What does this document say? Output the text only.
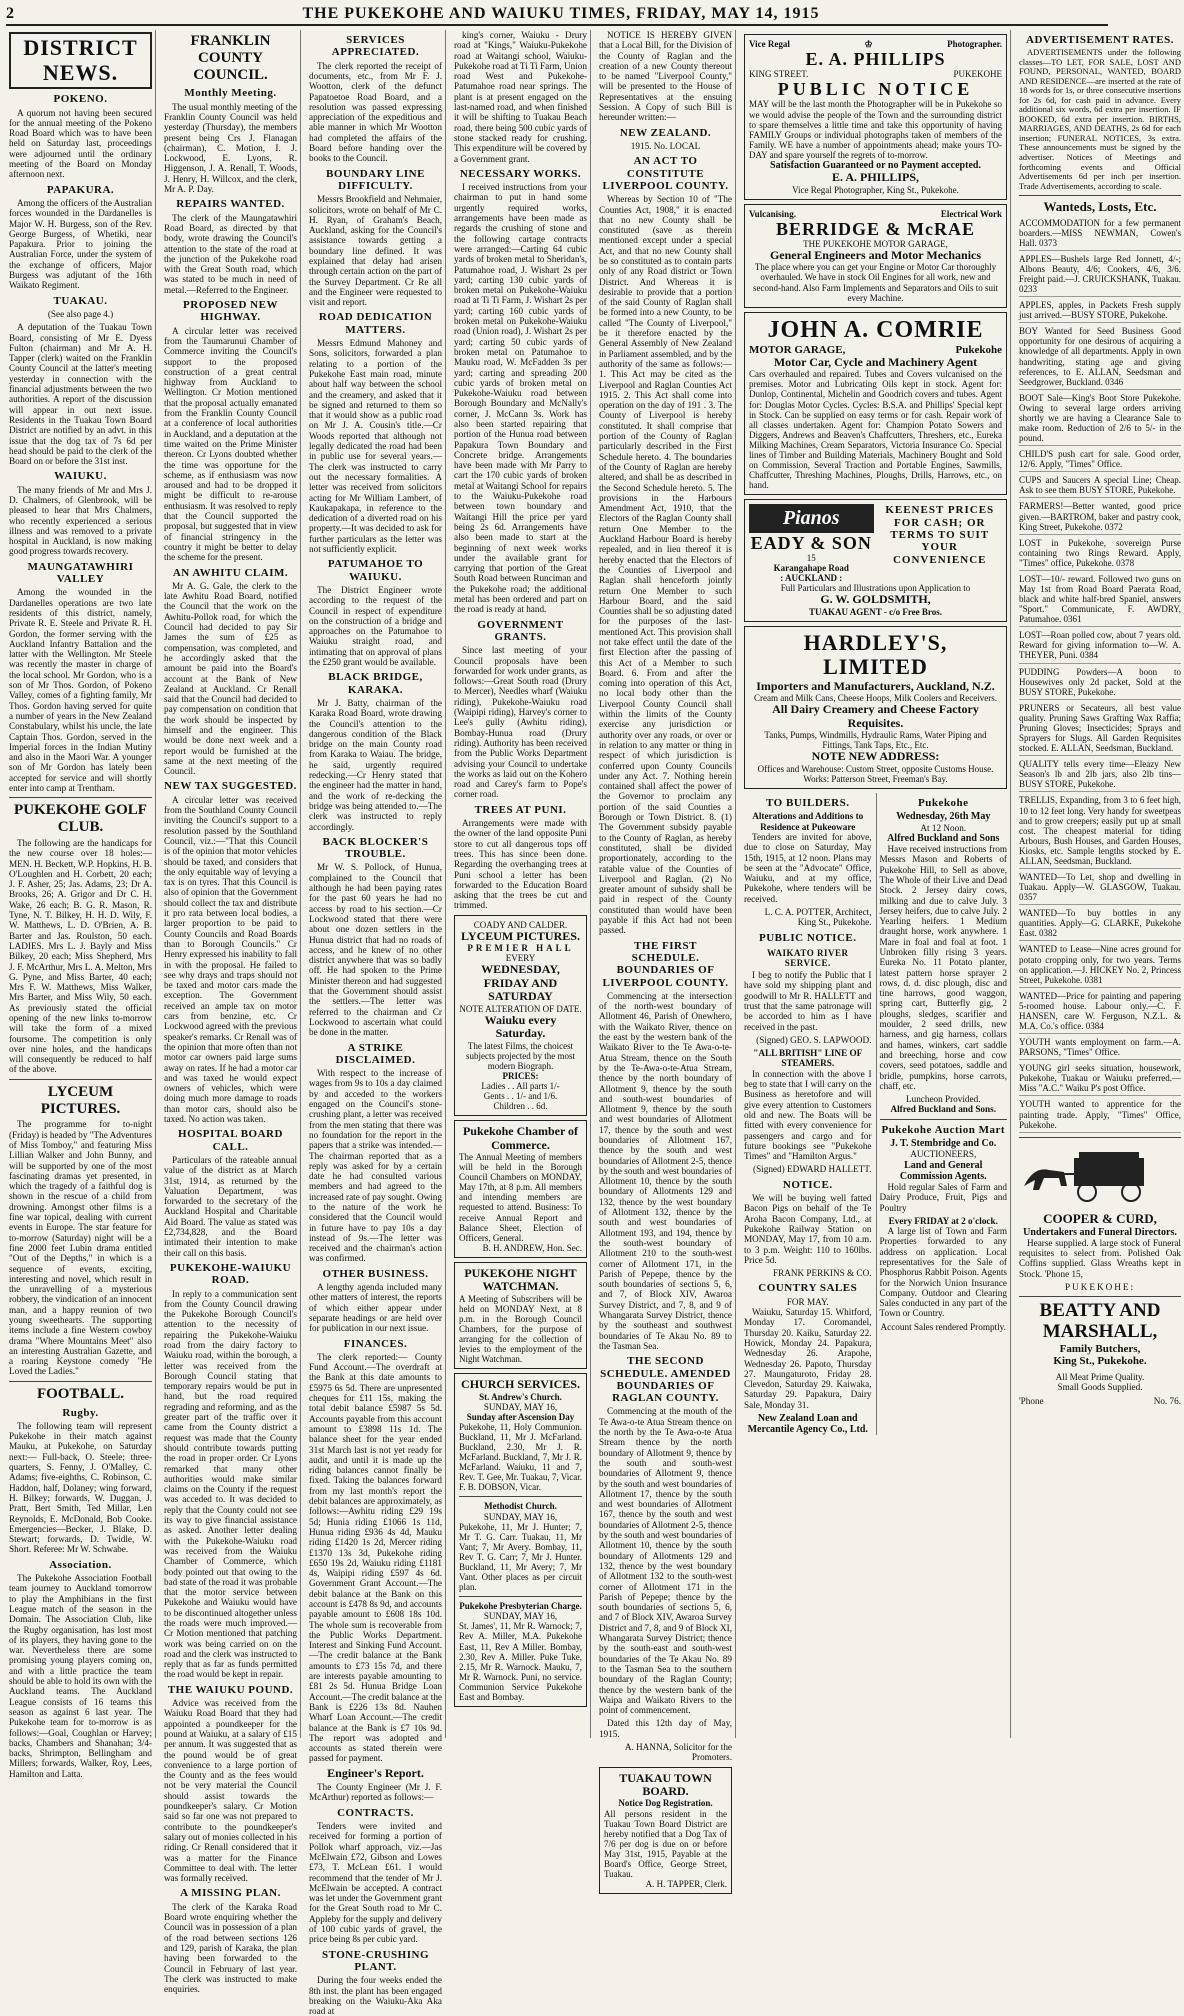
2	THE PUKEKOHE AND WAIUKU TIMES, FRIDAY, MAY 14, 1915
DISTRICT NEWS.
POKENO.

A quorum not having been secured for the annual meeting of the Pokeno Road Board which was to have been held on Saturday last, proceedings were adjourned until the ordinary meeting of the Board on Monday afternoon next.

PAPAKURA.

Among the officers of the Australian forces wounded in the Dardanelles is Major W. H. Burgess, son of the Rev. George Burgess, of Whetiki, near Papakura. Prior to joining the Australian Force, under the system of the exchange of officers, Major Burgess was adjutant of the 16th Waikato Regiment.

TUAKAU.

(See also page 4.)

A deputation of the Tuakau Town Board, consisting of Mr E. Dyess Fulton (chairman) and Mr A. H. Tapper (clerk) waited on the Franklin County Council at the latter's meeting yesterday in connection with the financial adjustments between the two authorities. A report of the discussion will appear in out next issue. Residents in the Tuakau Town Board District are notified by an advt. in this issue that the dog tax of 7s 6d per head should be paid to the clerk of the Board on or before the 31st inst.

WAIUKU.

The many friends of Mr and Mrs J. D. Chalmers, of Glenbrook, will be pleased to hear that Mrs Chalmers, who recently experienced a serious illness and was removed to a private hospital in Auckland, is now making good progress towards recovery.

MAUNGATAWHIRI VALLEY

Among the wounded in the Dardanelles operations are two late residents of this district, namely, Private R. E. Steele and Private R. H. Gordon, the former serving with the Auckland Infantry Battalion and the latter with the Wellington. Mr Steele was recently the master in charge of the local school. Mr Gordon, who is a son of Mr Thos. Gordon, of Pokeno Valley, comes of a fighting family, Mr Thos. Gordon having served for quite a number of years in the New Zealand Constabulary, whilst his uncle, the late Captain Thos. Gordon, served in the Imperial forces in the Indian Mutiny and also in the Maori War. A younger son of Mr Gordon has lately been accepted for service and will shortly enter into camp at Trentham.

PUKEKOHE GOLF CLUB.

The following are the handicaps for the new course over 18 holes:— MEN. H. Beckett, W.P. Hopkins, H. B. O'Loughlen and H. Corbett, 20 each; J. F. Asher, 25; Jas. Adams, 23; Dr A. Brooks, 26; A. Grigor and Dr C. H. Wake, 26 each; B. G. R. Mason, R. Tyne, N. T. Bilkey, H. H. D. Wily, F. W. Matthews, L. D. O'Brien, A. B. Barter and Jas. Roulston, 50 each. LADIES. Mrs L. J. Bayly and Miss Bilkey, 20 each; Miss Shepherd, Mrs J. F. McArthur, Mrs L. A. Melton, Mrs G. Pyne, and Miss Barter, 40 each; Mrs F. W. Matthews, Miss Walker, Mrs Barter, and Miss Wily, 50 each. As previously stated the official opening of the new links to-morrow will take the form of a mixed foursome. The competition is only over nine holes, and the handicaps will consequently be reduced to half of the above.

LYCEUM PICTURES.

The programme for to-night (Friday) is headed by "The Adventures of Miss Tomboy," and featuring Miss Lillian Walker and John Bunny, and will be supported by one of the most fascinating dramas yet presented, in which the tragedy of a faithful dog is shown in the rescue of a child from drowning. Amongst other films is a fine war topical, dealing with current events in Europe. The star feature for to-morrow (Saturday) night will be a fine 2000 feet Lubin drama entitled "Out of the Depths," in which is a sequence of events, exciting, interesting and novel, which result in the unravelling of a mysterious robbery, the vindication of an innocent man, and a happy reunion of two young sweethearts. The supporting items include a fine Western cowboy drama "Where Mountains Meet" also an interesting Australian Gazette, and a roaring Keystone comedy "He Loved the Ladies."

FOOTBALL.
Rugby.

The following team will represent Pukekohe in their match against Mauku, at Pukekohe, on Saturday next:— Full-back, O. Steele; three-quarters, S. Fenny, J. O'Malley, C. Adams; five-eighths, C. Robinson, C. Haddon, half, Dolaney; wing forward, H. Bilkey; forwards, W. Duggan, J. Pratt, Bert Smith, Ted Millar, Len Reynolds, E. McDonald, Bob Cooke. Emergencies—Becker, J. Blake, D. Stewart; forwards, D. Twidle, W. Short. Referee: Mr W. Schwabe.

Association.

The Pukekohe Association Football team journey to Auckland tomorrow to play the Amphibians in the first League match of the season in the Domain. The Association Club, like the Rugby organisation, has lost most of its players, they having gone to the war. Nevertheless there are some promising young players coming on, and with a little practice the team should be able to hold its own with the Auckland teams. The Auckland League consists of 16 teams this season as against 6 last year. The Pukekohe team for to-morrow is as follows:—Goal, Coughlan or Harvey; backs, Chambers and Shanahan; 3/4-backs, Shrimpton, Bellingham and Millers; forwards, Walker, Roy, Lees, Hamilton and Latta.

FRANKLIN COUNTY COUNCIL.
Monthly Meeting.

The usual monthly meeting of the Franklin County Council was held yesterday (Thursday), the members present being Crs J. Flanagan (chairman), C. Motion, I. J. Lockwood, E. Lyons, R. Higgenson, J. A. Renall, T. Woods, J. Henry, H. Willcox, and the clerk, Mr A. P. Day.

REPAIRS WANTED.

The clerk of the Maungatawhiri Road Board, as directed by that body, wrote drawing the Council's attention to the state of the road at the junction of the Pukekohe road with the Great South road, which was stated to be much in need of metal.—Referred to the Engineer.

PROPOSED NEW HIGHWAY.

A circular letter was received from the Taumarunui Chamber of Commerce inviting the Council's support to the proposed construction of a great central highway from Auckland to Wellington. Cr Motion mentioned that the proposal actually emanated from the Franklin County Council at a conference of local authorities in Auckland, and a deputation at the time waited on the Prime Minister thereon. Cr Lyons doubted whether the time was opportune for the scheme, as if enthusiasm was now aroused and had to be dropped it might be difficult to re-arouse enthusiasm. It was resolved to reply that the Council supported the proposal, but suggested that in view of financial stringency in the country it might be better to delay the scheme for the present.

AN AWHITU CLAIM.

Mr A. G. Gale, the clerk to the late Awhitu Road Board, notified the Council that the work on the Awhitu-Pollok road, for which the Council had decided to pay Sir James the sum of £25 as compensation, was completed, and he accordingly asked that the amount be paid into the Board's account at the Bank of New Zealand at Auckland. Cr Renall said that the Council had decided to pay compensation on condition that the work should be inspected by himself and the engineer. This would be done next week and a report would be furnished at the same at the next meeting of the Council.

NEW TAX SUGGESTED.

A circular letter was received from the Southland County Council inviting the Council's support to a resolution passed by the Southland Council, viz.:—"That this Council is of the opinion that motor vehicles should be taxed, and considers that the only equitable way of levying a tax is on tyres. That this Council is also of opinion that the Government should collect the tax and distribute it pro rata between local bodies, a larger proportion to be paid to County Councils and Road Boards than to Borough Councils." Cr Henry expressed his inability to fall in with the proposal. He failed to see why drays and traps should not be taxed and motor cars made the exception. The Government received an ample tax on motor cars from benzine, etc. Cr Lockwood agreed with the previous speaker's remarks. Cr Renall was of the opinion that more often than not motor car owners paid large sums away on rates. If he had a motor car and was taxed he would expect owners of vehicles, which were doing much more damage to roads than motor cars, should also be taxed. No action was taken.

HOSPITAL BOARD CALL.

Particulars of the rateable annual value of the district as at March 31st, 1914, as returned by the Valuation Department, was forwarded to the secretary of the Auckland Hospital and Charitable Aid Board. The value as stated was £2,734,828, and the Board intimated their intention to make their call on this basis.

PUKEKOHE-WAIUKU ROAD.

In reply to a communication sent from the County Council drawing the Pukekohe Borough Council's attention to the necessity of repairing the Pukekohe-Waiuku road from the dairy factory to Waiuku road, within the borough, a letter was received from the Borough Council stating that temporary repairs would be put in hand, but the road required regrading and reforming, and as the greater part of the traffic over it came from the County district a request was made that the County should contribute towards putting the road in proper order. Cr Lyons remarked that many other authorities would make similar claims on the County if the request was acceded to. It was decided to reply that the County could not see its way to give financial assistance as asked. Another letter dealing with the Pukekohe-Waiuku road was received from the Waiuku Chamber of Commerce, which body pointed out that owing to the bad state of the road it was probable that the motor service between Pukekohe and Waiuku would have to be discontinued altogether unless the roads were much improved.—Cr Motion mentioned that patching work was being carried on on the road and the clerk was instructed to reply that as far as funds permitted the road would be kept in repair.

THE WAIUKU POUND.

Advice was received from the Waiuku Road Board that they had appointed a poundkeeper for the pound at Waiuku, at a salary of £15 per annum. It was suggested that as the pound would be of great convenience to a large portion of the County and as the fees would not be very material the Council should assist towards the poundkeeper's salary. Cr Motion said so far one was not prepared to contribute to the poundkeeper's salary out of monies collected in his riding. Cr Renall considered that it was a matter for the Finance Committee to deal with. The letter was formally received.

A MISSING PLAN.

The clerk of the Karaka Road Board wrote enquiring whether the Council was in possession of a plan of the road between sections 126 and 129, parish of Karaka, the plan having been forwarded to the Council in February of last year. The clerk was instructed to make enquiries.

SERVICES APPRECIATED.

The clerk reported the receipt of documents, etc., from Mr F. J. Wootton, clerk of the defunct Papatoetoe Road Board, and a resolution was passed expressing appreciation of the expeditious and able manner in which Mr Wootton had completed the affairs of the Board before handing over the books to the Council.

BOUNDARY LINE DIFFICULTY.

Messrs Brookfield and Nehmaier, solicitors, wrote on behalf of Mr C. H. Ryan, of Graham's Beach, Auckland, asking for the Council's assistance towards getting a boundary line defined. It was explained that delay had arisen through certain action on the part of the Survey Department. Cr Re all and the Engineer were requested to visit and report.

ROAD DEDICATION MATTERS.

Messrs Edmund Mahoney and Sons, solicitors, forwarded a plan relating to a portion of the Pukekohe East main road, minute about half way between the school and the creamery, and asked that it be signed and returned to them so that it would show as a public road on Mr J. A. Cousin's title.—Cr Woods reported that although not legally dedicated the road had been in public use for several years.—The clerk was instructed to carry out the necessary formalities. A letter was received from solicitors acting for Mr William Lambert, of Kaukapakapa, in reference to the dedication of a diverted road on his property.—It was decided to ask for further particulars as the letter was not sufficiently explicit.

PATUMAHOE TO WAIUKU.

The District Engineer wrote according to the request of the Council in respect of expenditure on the construction of a bridge and approaches on the Patumahoe to Waiuku straight road, and intimating that on approval of plans the £250 grant would be available.

BLACK BRIDGE, KARAKA.

Mr J. Batty, chairman of the Karaka Road Board, wrote drawing the Council's attention to the dangerous condition of the Black bridge on the main County road from Karaka to Waiau. The bridge, he said, urgently required redecking.—Cr Henry stated that the engineer had the matter in hand, and the work of re-decking the bridge was being attended to.—The clerk was instructed to reply accordingly.

BACK BLOCKER'S TROUBLE.

Mr W. S. Pollock, of Hunua, complained to the Council that although he had been paying rates for the past 60 years he had no access by road to his section.—Cr Lockwood stated that there were about one dozen settlers in the Hunua district that had no roads of access, and he knew of no other district anywhere that was so badly off. He had spoken to the Prime Minister thereon and had suggested that the Government should assist the settlers.—The letter was referred to the chairman and Cr Lockwood to ascertain what could be done in the matter.

A STRIKE DISCLAIMED.

With respect to the increase of wages from 9s to 10s a day claimed by and acceded to the workers engaged on the Council's stone-crushing plant, a letter was received from the men stating that there was no foundation for the report in the papers that a strike was intended.—The chairman reported that as a reply was asked for by a certain date he had consulted various members and had agreed to the increased rate of pay sought. Owing to the nature of the work he considered that the Council would in future have to pay 10s a day instead of 9s.—The letter was received and the chairman's action was confirmed.

OTHER BUSINESS.

A lengthy agenda included many other matters of interest, the reports of which either appear under separate headings or are held over for publication in our next issue.

FINANCES.

The clerk reported:— County Fund Account.—The overdraft at the Bank at this date amounts to £5975 6s 5d. There are unpresented cheques for £11 15s, making the total debit balance £5987 5s 5d. Accounts payable from this account amount to £3898 11s 1d. The balance sheet for the year ended 31st March last is not yet ready for audit, and until it is made up the riding balances cannot finally be fixed. Taking the balances forward from my last month's report the debit balances are approximately, as follows:—Awhitu riding £29 19s 5d; Hunia riding £1066 1s 11d, Hunua riding £936 4s 4d, Mauku riding £1420 1s 2d, Mercer riding £1370 13s 3d, Pukekohe riding £650 19s 2d, Waiuku riding £1181 4s, Waipipi riding £597 4s 6d. Government Grant Account.—The debit balance at the Bank on this account is £478 8s 9d, and accounts payable amount to £608 18s 10d. The whole sum is recoverable from the Public Works Department. Interest and Sinking Fund Account.—The credit balance at the Bank amounts to £73 15s 7d, and there are interests payable amounting to £81 2s 5d. Hunua Bridge Loan Account.—The credit balance at the Bank is £226 13s 8d. Nauhen Wharf Loan Account.—The credit balance at the Bank is £7 10s 9d. The report was adopted and accounts as stated therein were passed for payment.

Engineer's Report.

The County Engineer (Mr J. F. McArthur) reported as follows:—

CONTRACTS.

Tenders were invited and received for forming a portion of Pollok wharf approach, viz.—Jas McElwain £72, Gibson and Lowes £73, T. McLean £61. I would recommend that the tender of Mr J. McElwain be accepted. A contract was let under the Government grant for the Great South road to Mr C. Appleby for the supply and delivery of 100 cubic yards of gravel, the price being 8s per cubic yard.

STONE-CRUSHING PLANT.

During the four weeks ended the 8th inst. the plant has been engaged breaking on the Waiuku-Aka Aka road at

king's corner, Waiuku - Drury road at "Kings," Waiuku-Pukekohe road at Waitangi school, Waiuku-Pukekohe road at Ti Ti Farm, Union road West and Pukekohe-Patumahoe road near springs. The plant is at present engaged on the last-named road, and when finished it will be shifting to Tuakau Beach road, there being 500 cubic yards of stone stacked ready for crushing. This expenditure will be covered by a Government grant.

NECESSARY WORKS.

I received instructions from your chairman to put in hand some urgently required works, arrangements have been made as regards the crushing of stone and the following cartage contracts were arranged:—Carting 64 cubic yards of broken metal to Sheridan's, Patumahoe road, J. Wishart 2s per yard; carting 130 cubic yards of broken metal on Pukekohe-Waiuku road at Ti Ti Farm, J. Wishart 2s per yard; carting 160 cubic yards of broken metal on Pukekohe-Waiuku road (Union road), J. Wishart 2s per yard; carting 50 cubic yards of broken metal on Patumahoe to Mauku road, W. McFadden 3s per yard; carting and spreading 200 cubic yards of broken metal on Pukekohe-Waiuku road between Borough Boundary and McNally's corner, J. McCann 3s. Work has also been started repairing that portion of the Hunua road between Papakura Town Boundary and Concrete bridge. Arrangements have been made with Mr Parry to cart the 170 cubic yards of broken metal at Waitangi School for repairs to the Waiuku-Pukekohe road between town boundary and Waitangi Hill the price per yard being 2s 6d. Arrangements have also been made to start at the beginning of next week works under the available grant for carrying that portion of the Great South Road between Runciman and the Pukekohe road; the additional metal has been ordered and part on the road is ready at hand.

GOVERNMENT GRANTS.

Since last meeting of your Council proposals have been forwarded for work under grants, as follows:—Great South road (Drury to Mercer), Needles wharf (Waiuku riding), Pukekohe-Waiuku road (Waipipi riding), Harvey's corner to Lee's gully (Awhitu riding), Bombay-Hunua road (Drury riding). Authority has been received from the Public Works Department advising your Council to undertake the works as laid out on the Kohero road and Carey's farm to Pope's corner road.

TREES AT PUNI.

Arrangements were made with the owner of the land opposite Puni store to cut all dangerous tops off trees. This has since been done. Regarding the overhanging trees at Puni school a letter has been forwarded to the Education Board asking that the trees be cut and trimmed.

COADY AND CALDER.
LYCEUM PICTURES.
PREMIER HALL
EVERY
WEDNESDAY, FRIDAY AND SATURDAY
NOTE ALTERATION OF DATE.
Waiuku every Saturday.
The latest Films, the choicest subjects projected by the most modern Biograph.
PRICES:
Ladies . . All parts 1/-
Gents . . 1/- and 1/6.
Children . . 6d.
Pukekohe Chamber of Commerce.
The Annual Meeting of members will be held in the Borough Council Chambers on MONDAY, May 17th, at 8 p.m. All members and intending members are requested to attend. Business: To receive Annual Report and Balance Sheet, Election of Officers, General.
B. H. ANDREW, Hon. Sec.
PUKEKOHE NIGHT WATCHMAN.
A Meeting of Subscribers will be held on MONDAY Next, at 8 p.m. in the Borough Council Chambers, for the purpose of arranging for the collection of levies to the employment of the Night Watchman.
CHURCH SERVICES.
St. Andrew's Church.
SUNDAY, MAY 16,
Sunday after Ascension Day
Pukekohe, 11, Holy Communion. Buckland, 11, Mr J. McFarland. Buckland, 2.30, Mr J. R. McFarland. Buckland, 7, Mr J. R. McFarland. Waiuku, 11 and 7, Rev. T. Gee, Mr. Tuakau, 7, Vicar. F. B. DOBSON, Vicar.
Methodist Church.
SUNDAY, MAY 16,
Pukekohe, 11, Mr J. Hunter; 7, Mr T. G. Carr. Tuakau, 11, Mr Vant; 7, Mr Avery. Bombay, 11, Rev T. G. Carr; 7, Mr J. Hunter. Buckland, 11, Mr Avery; 7, Mr Vant. Other places as per circuit plan.
Pukekohe Presbyterian Charge.
SUNDAY, MAY 16,
St. James', 11, Mr R. Warnock; 7, Rev A. Miller, M.A. Pukekohe East, 11, Rev A Miller. Bombay, 2.30, Rev A. Miller. Puke Tuke, 2.15, Mr R. Warnock. Mauku, 7, Mr R. Warnock. Puni, no service. Communion Service Pukekohe East and Bombay.

NOTICE IS HEREBY GIVEN that a Local Bill, for the Division of the County of Raglan and the creation of a new County thereout to be named "Liverpool County," will be presented to the House of Representatives at the ensuing Session. A Copy of such Bill is hereunder written:—

NEW ZEALAND.

1915. No. LOCAL

AN ACT TO CONSTITUTE LIVERPOOL COUNTY.

Whereas by Section 10 of "The Counties Act, 1908," it is enacted that no new County shall be constituted (save as therein mentioned except under a special Act, and that no new County shall be so constituted as to contain parts only of any Road district or Town District. And Whereas it is desirable to provide that a portion of the said County of Raglan shall be formed into a new County, to be called "The County of Liverpool," be it therefore enacted by the General Assembly of New Zealand in Parliament assembled, and by the authority of the same as follows:— 1. This Act may be cited as the Liverpool and Raglan Counties Act 1915. 2. This Act shall come into operation on the day of 191 . 3. The County of Liverpool is hereby constituted. It shall comprise that portion of the County of Raglan particularly described in the First Schedule hereto. 4. The boundaries of the County of Raglan are hereby altered, and shall be as described in the Second Schedule hereto. 5. The provisions in the Harbours Amendment Act, 1910, that the Electors of the Raglan County shall return One Member to the Auckland Harbour Board is hereby repealed, and in lieu thereof it is hereby enacted that the Electors of the Counties of Liverpool and Raglan shall henceforth jointly return One Member to such Harbour Board, and the said Counties shall be so adjusting dated for the purposes of the last-mentioned Act. This provision shall not take effect until the date of the first Election after the passing of this Act of a Member to such Board. 6. From and after the coming into operation of this Act, no local body other than the Liverpool County Council shall within the limits of the County exercise any jurisdiction or authority over any roads, or over or in relation to any matter or thing in respect of which jurisdiction is conferred upon County Councils under any Act. 7. Nothing herein contained shall affect the power of the Governor to proclaim any portion of the said Counties a Borough or Town District. 8. (1) The Government subsidy payable to the County of Raglan, as hereby constituted, shall be divided proportionately, according to the ratable value of the Counties of Liverpool and Raglan. (2) No greater amount of subsidy shall be paid in respect of the County constituted than would have been payable if this Act had not been passed.

THE FIRST SCHEDULE. BOUNDARIES OF LIVERPOOL COUNTY.

Commencing at the intersection of the north-west boundary of Allotment 46, Parish of Onewhero, with the Waikato River, thence on the east by the western bank of the Waikato River to the Te Awa-o-te-Atua Stream, thence on the South by the Te-Awa-o-te-Atua Stream, thence by the north boundary of Allotment 9, thence by the south and south-west boundaries of Allotment 9, thence by the south and west boundaries of Allotment 17, thence by the south and west boundaries of Allotment 167, thence by the south and west boundaries of Allotment 2-5, thence by the south and west boundaries of Allotment 10, thence by the south boundary of Allotments 129 and 132, thence by the west boundary of Allotment 132, thence by the south and west boundaries of Allotment 193, and 194, thence by the south-west boundary of Allotment 210 to the south-west corner of Allotment 171, in the Parish of Pepepe, thence by the south boundaries of sections 5, 6, and 7, of Block XIV, Awaroa Survey District, and 7, 8, and 9 of Whangarata Survey District, thence by the southeast and southwest boundaries of Te Akau No. 89 to the Tasman Sea.

THE SECOND SCHEDULE. AMENDED BOUNDARIES OF RAGLAN COUNTY.

Commencing at the mouth of the Te Awa-o-te Atua Stream thence on the north by the Te Awa-o-te Atua Stream thence by the north boundary of Allotment 9, thence by the south and south-west boundaries of Allotment 9, thence by the south and west boundaries of Allotment 17, thence by the south and west boundaries of Allotment 167, thence by the south and west boundaries of Allotment 2-5, thence by the south and west boundaries of Allotment 10, thence by the south boundary of Allotments 129 and 132, thence by the west boundary of Allotment 132 to the south-west corner of Allotment 171 in the Parish of Pepepe; thence by the south boundaries of sections 5, 6, and 7 of Block XIV, Awaroa Survey District and 7, 8, and 9 of Block XI, Whangarata Survey District; thence by the south-east and south-west boundaries of the Te Akau No. 89 to the Tasman Sea to the southern boundary of the Raglan County; thence by the western bank of the Waipa and Waikato Rivers to the point of commencement.

Dated this 12th day of May, 1915.

A. HANNA, Solicitor for the Promoters.

TUAKAU TOWN BOARD.
Notice Dog Registration.
All persons resident in the Tuakau Town Board District are hereby notified that a Dog Tax of 7/6 per dog is due on or before May 31st, 1915, Payable at the Board's Office, George Street, Tuakau.
A. H. TAPPER, Clerk.
Vice Regal	♔	Photographer.
E. A. PHILLIPS
KING STREET.	PUKEKOHE
PUBLIC NOTICE
MAY will be the last month the Photographer will be in Pukekohe so we would advise the people of the Town and the surrounding district to spare themselves a little time and take this opportunity of having FAMILY Groups or individual photographs taken of members of the Family. WE have a number of appointments ahead; make yours TO-DAY and spare yourself the regrets of to-morrow.
Satisfaction Guaranteed or no Payment accepted.
E. A. PHILLIPS,
Vice Regal Photographer, King St., Pukekohe.
Vulcanising.	Electrical Work
BERRIDGE & McRAE
THE PUKEKOHE MOTOR GARAGE,
General Engineers and Motor Mechanics
The place where you can get your Engine or Motor Car thoroughly overhauled. We have in stock Oil Engines for all work, new and second-hand. Also Farm Implements and Separators and Oils to suit every Machine.
JOHN A. COMRIE
MOTOR GARAGE,	Pukekohe
Motor Car, Cycle and Machinery Agent
Cars overhauled and repaired. Tubes and Covers vulcanised on the premises. Motor and Lubricating Oils kept in stock. Agent for: Dunlop, Continental, Michelin and Goodrich covers and tubes. Agent for: Douglas Motor Cycles. Cycles: B.S.A. and Phillips' Special kept in Stock. Can be supplied on easy terms or for cash. Repair work of all classes undertaken. Agent for: Champion Potato Sowers and Diggers, Andrews and Beaven's Chaffcutters, Threshers, etc., Eureka Milking Machines, Cream Separators, Victoria Insurance Co. Special lines of Timber and Building Materials, Machinery Bought and Sold on Commission, Several Traction and Portable Engines, Sawmills, Chaffcutter, Threshing Machines, Ploughs, Drills, Harrows, etc., on hand.
Pianos
EADY & SON
15
Karangahape Road
: AUCKLAND :
KEENEST PRICES FOR CASH; OR TERMS TO SUIT YOUR CONVENIENCE
Full Particulars and Illustrations upon Application to
G. W. GOLDSMITH,
TUAKAU AGENT - c/o Free Bros.
HARDLEY'S, LIMITED
Importers and Manufacturers, Auckland, N.Z.
Cream and Milk Cans, Cheese Hoops, Milk Coolers and Receivers.
All Dairy Creamery and Cheese Factory Requisites.
Tanks, Pumps, Windmills, Hydraulic Rams, Water Piping and Fittings, Tank Taps, Etc., Etc.
NOTE NEW ADDRESS:
Offices and Warehouse: Custom Street, opposite Customs House. Works: Patterson Street, Freeman's Bay.
TO BUILDERS.
Alterations and Additions to Residence at Pukeoware

Tenders are invited for above, due to close on Saturday, May 15th, 1915, at 12 noon. Plans may be seen at the "Advocate" Office, Waiuku, and at my office, Pukekohe, where tenders will be received.

L. C. A. POTTER, Architect, King St., Pukekohe.

PUBLIC NOTICE.
WAIKATO RIVER SERVICE.

I beg to notify the Public that I have sold my shipping plant and goodwill to Mr R. HALLETT and trust that the same patronage will be accorded to him as I have received in the past.

(Signed) GEO. S. LAPWOOD.

"ALL BRITISH" LINE OF STEAMERS.

In connection with the above I beg to state that I will carry on the Business as heretofore and will give every attention to Customers old and new. The Boats will be fitted with every convenience for passengers and cargo and for future bookings see "Pukekohe Times" and "Hamilton Argus."

(Signed) EDWARD HALLETT.

NOTICE.

We will be buying well fatted Bacon Pigs on behalf of the Te Aroha Bacon Company, Ltd., at Pukekohe Railway Station on MONDAY, May 17, from 10 a.m. to 3 p.m. Weight: 110 to 160lbs. Price 5d.

FRANK PERKINS & CO.

COUNTRY SALES
FOR MAY.

Waiuku, Saturday 15. Whitford, Monday 17. Coromandel, Thursday 20. Kaiku, Saturday 22. Howick, Monday 24. Papakura, Wednesday 26. Arapohe, Wednesday 26. Papoto, Thursday 27. Maungaturoto, Friday 28. Clevedon, Saturday 29. Kaiwaka, Saturday 29. Papakura, Dairy Sale, Monday 31.

New Zealand Loan and Mercantile Agency Co., Ltd.
Pukekohe
Wednesday, 26th May
At 12 Noon.
Alfred Buckland and Sons

Have received instructions from Messrs Mason and Roberts of Pukekohe Hill, to Sell as above, The Whole of their Live and Dead Stock. 2 Jersey dairy cows, milking and due to calve July. 3 Jersey heifers, due to calve July. 2 Yearling heifers. 1 Medium draught horse, work anywhere. 1 Mare in foal and foal at foot. 1 Unbroken filly rising 3 years. Eureka No. 11 Potato planter, latest pattern horse sprayer 2 rows, d. d. disc plough, disc and tine harrows, good waggon, spring cart, Butterfly gig, 2 ploughs, sledges, scarifier and moulder, 2 seed drills, new harness, and gig harness, collars and hames, winkers, cart saddle and breeching, horse and cow covers, seed potatoes, saddle and bridle, pumpkins, horse carrots, chaff, etc.

Luncheon Provided.
Alfred Buckland and Sons.
Pukekohe Auction Mart
J. T. Stembridge and Co.
AUCTIONEERS,
Land and General Commission Agents.

Hold regular Sales of Farm and Dairy Produce, Fruit, Pigs and Poultry

Every FRIDAY at 2 o'clock.

A large list of Town and Farm Properties forwarded to any address on application. Local representatives for the Sale of Phosphorus Rabbit Poison. Agents for the Norwich Union Insurance Company. Outdoor and Clearing Sales conducted in any part of the Town or Country.

Account Sales rendered Promptly.
ADVERTISEMENT RATES.

ADVERTISEMENTS under the following classes—TO LET, FOR SALE, LOST AND FOUND, PERSONAL, WANTED, BOARD AND RESIDENCE—are inserted at the rate of 18 words for 1s, or three consecutive insertions for 2s 6d, for cash paid in advance. Every additional six words, 6d extra per insertion. IF BOOKED, 6d extra per insertion. BIRTHS, MARRIAGES, AND DEATHS, 2s 6d for each insertion; FUNERAL NOTICES, 3s extra. These announcements must be signed by the advertiser. Notices of Meetings and forthcoming events and Official Advertisements 6d per inch per insertion. Trade Advertisements, according to scale.

Wanteds, Losts, Etc.
ACCOMMODATION for a few permanent boarders.—MISS NEWMAN, Cowen's Hall. 0373
APPLES—Bushels large Red Jonnett, 4/-; Albons Beauty, 4/6; Cookers, 4/6, 3/6. Freight paid.—J. CRUICKSHANK, Tuakau. 0233
APPLES, apples, in Packets Fresh supply just arrived.—BUSY STORE, Pukekohe.
BOY Wanted for Seed Business Good opportunity for one desirous of acquiring a knowledge of all departments. Apply in own handwriting, stating age and giving references, to E. ALLAN, Seedsman and Seedgrower, Buckland. 0346
BOOT Sale—King's Boot Store Pukekohe. Owing to several large orders arriving shortly we are having a Clearance Sale to make room. Reduction of 2/6 to 5/- in the pound.
CHILD'S push cart for sale. Good order, 12/6. Apply, "Times" Office.
CUPS and Saucers A special Line; Cheap. Ask to see them BUSY STORE, Pukekohe.
FARMERS!—Better wanted, good price given.—BARTROM, baker and pastry cook, King Street, Pukekohe. 0372
LOST in Pukekohe, sovereign Purse containing two Rings Reward. Apply, "Times" office, Pukekohe. 0378
LOST—10/- reward. Followed two guns on May 1st from Road Board Paerata Road, black and white half-bred Spaniel, answers "Sport." Communicate, F. AWDRY, Patumahoe. 0361
LOST—Roan polled cow, about 7 years old. Reward for giving information to—W. A. THEYER, Puni. 0384
PUDDING Powders—A boon to Housewives only 2d packet, Sold at the BUSY STORE, Pukekohe.
PRUNERS or Secateurs, all best value quality. Pruning Saws Grafting Wax Raffia; Pruning Gloves; Insecticides; Sprays and Sprayers for Slugs. All Garden Requisites stocked. E. ALLAN, Seedsman, Buckland.
QUALITY tells every time—Eleazy New Season's lb and 2lb jars, also 2lb tins—BUSY STORE, Pukekohe.
TRELLIS, Expanding, from 3 to 6 feet high, 10 to 12 feet long. Very handy for sweetpeas and to grow creepers; easily put up at small cost. The cheapest material for tiding Arbours, Bush Houses, and Garden Houses, Kiosks, etc. Sample lengths stocked by E. ALLAN, Seedsman, Buckland.
WANTED—To Let, shop and dwelling in Tuakau. Apply—W. GLASGOW, Tuakau. 0357
WANTED—To buy bottles in any quantities. Apply—G. CLARKE, Pukekohe East. 0382
WANTED to Lease—Nine acres ground for potato cropping only, for two years. Terms on application.—J. HICKEY No. 2, Princess Street, Pukekohe. 0381
WANTED—Price for painting and papering 5-roomed house. Labour only.—C. F. HANSEN, care W. Ferguson, N.Z.L. & M.A. Co.'s office. 0384
YOUTH wants employment on farm.—A. PARSONS, "Times" Office.
YOUNG girl seeks situation, housework, Pukekohe, Tuakau or Waiuku preferred.—Miss "A.C." Waiku P's post Office.
YOUTH wanted to apprentice for the painting trade. Apply, "Times" Office, Pukekohe.
COOPER & CURD,
Undertakers and Funeral Directors.

Hearse supplied. A large stock of Funeral requisites to select from. Polished Oak Coffins supplied. Glass Wreaths kept in Stock. 'Phone 15,

PUKEKOHE:
BEATTY AND MARSHALL,
Family Butchers,
King St., Pukekohe.
All Meat Prime Quality.
Small Goods Supplied.
'Phone	No. 76.
